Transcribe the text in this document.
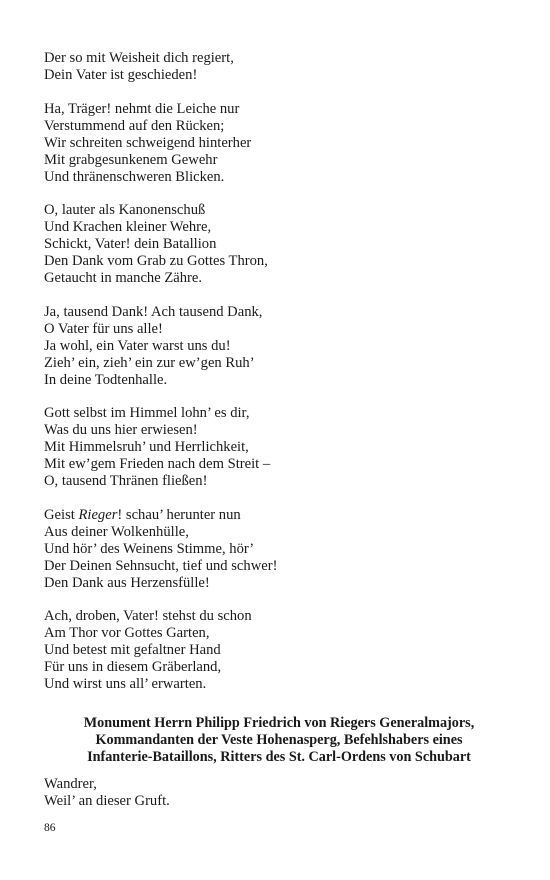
Der so mit Weisheit dich regiert,
Dein Vater ist geschieden!
Ha, Träger! nehmt die Leiche nur
Verstummend auf den Rücken;
Wir schreiten schweigend hinterher
Mit grabgesunkenem Gewehr
Und thränenschweren Blicken.
O, lauter als Kanonenschuß
Und Krachen kleiner Wehre,
Schickt, Vater! dein Batallion
Den Dank vom Grab zu Gottes Thron,
Getaucht in manche Zähre.
Ja, tausend Dank! Ach tausend Dank,
O Vater für uns alle!
Ja wohl, ein Vater warst uns du!
Zieh’ ein, zieh’ ein zur ew’gen Ruh’
In deine Todtenhalle.
Gott selbst im Himmel lohn’ es dir,
Was du uns hier erwiesen!
Mit Himmelsruh’ und Herrlichkeit,
Mit ew’gem Frieden nach dem Streit –
O, tausend Thränen fließen!
Geist Rieger! schau’ herunter nun
Aus deiner Wolkenhülle,
Und hör’ des Weinens Stimme, hör’
Der Deinen Sehnsucht, tief und schwer!
Den Dank aus Herzensfülle!
Ach, droben, Vater! stehst du schon
Am Thor vor Gottes Garten,
Und betest mit gefaltner Hand
Für uns in diesem Gräberland,
Und wirst uns all’ erwarten.
Monument Herrn Philipp Friedrich von Riegers Generalmajors,
Kommandanten der Veste Hohenasperg, Befehlshabers eines
Infanterie-Bataillons, Ritters des St. Carl-Ordens von Schubart
Wandrer,
Weil’ an dieser Gruft.
86
